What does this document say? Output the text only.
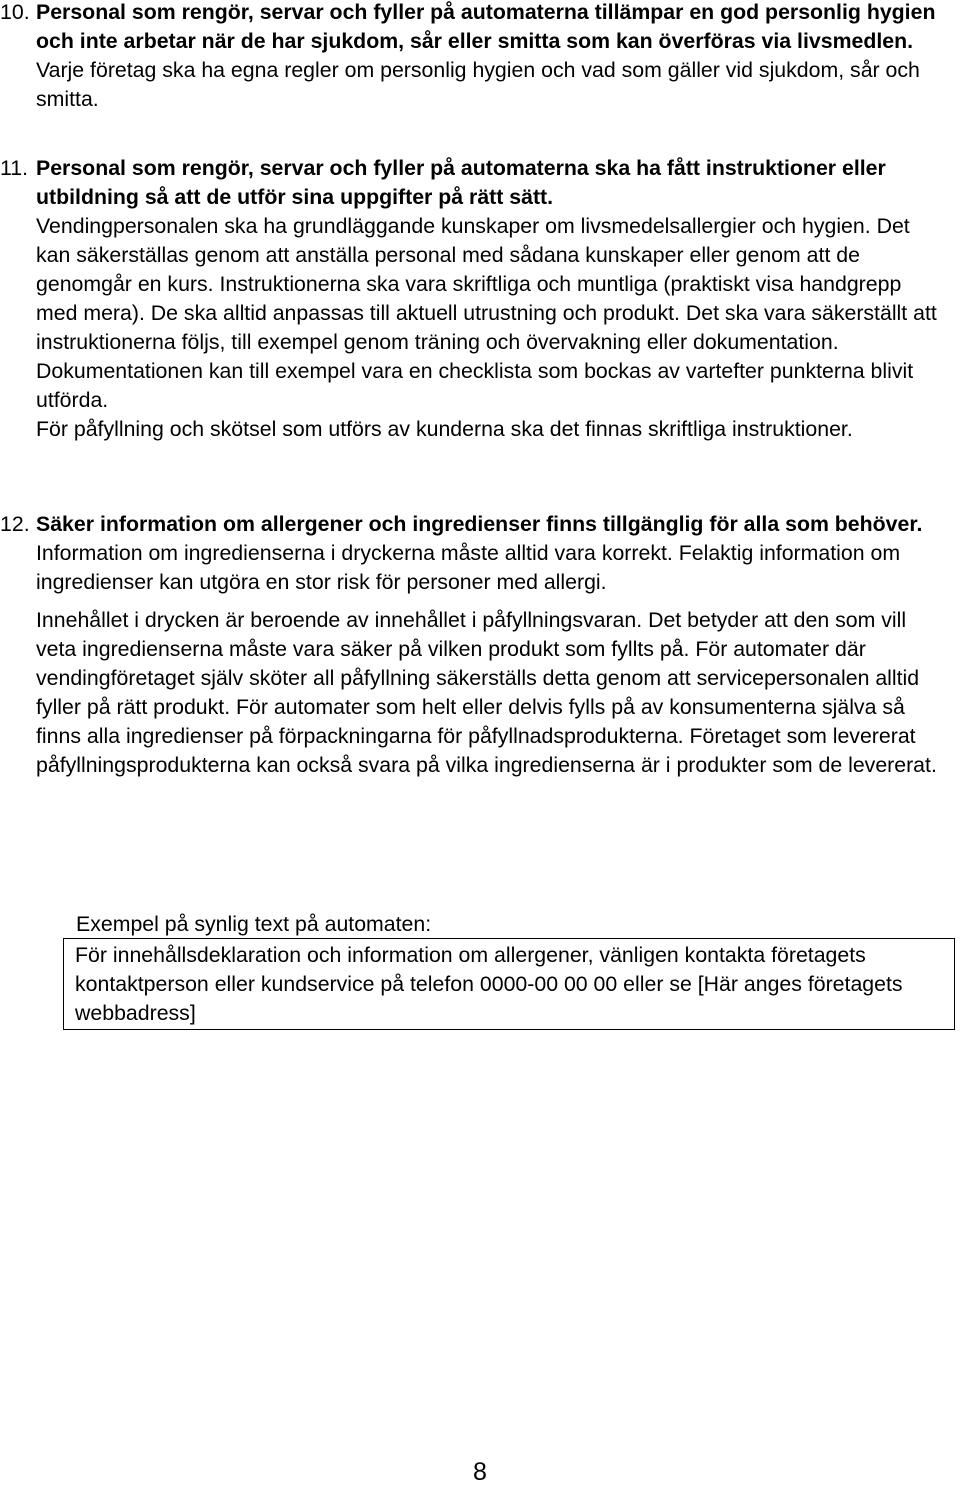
10. Personal som rengör, servar och fyller på automaterna tillämpar en god personlig hygien och inte arbetar när de har sjukdom, sår eller smitta som kan överföras via livsmedlen.

Varje företag ska ha egna regler om personlig hygien och vad som gäller vid sjukdom, sår och smitta.

11. Personal som rengör, servar och fyller på automaterna ska ha fått instruktioner eller utbildning så att de utför sina uppgifter på rätt sätt.

Vendingpersonalen ska ha grundläggande kunskaper om livsmedelsallergier och hygien. Det kan säkerställas genom att anställa personal med sådana kunskaper eller genom att de genomgår en kurs. Instruktionerna ska vara skriftliga och muntliga (praktiskt visa handgrepp med mera). De ska alltid anpassas till aktuell utrustning och produkt. Det ska vara säkerställt att instruktionerna följs, till exempel genom träning och övervakning eller dokumentation. Dokumentationen kan till exempel vara en checklista som bockas av vartefter punkterna blivit utförda.

För påfyllning och skötsel som utförs av kunderna ska det finnas skriftliga instruktioner.

12. Säker information om allergener och ingredienser finns tillgänglig för alla som behöver.

Information om ingredienserna i dryckerna måste alltid vara korrekt. Felaktig information om ingredienser kan utgöra en stor risk för personer med allergi.

Innehållet i drycken är beroende av innehållet i påfyllningsvaran. Det betyder att den som vill veta ingredienserna måste vara säker på vilken produkt som fyllts på. För automater där vendingföretaget själv sköter all påfyllning säkerställs detta genom att servicepersonalen alltid fyller på rätt produkt. För automater som helt eller delvis fylls på av konsumenterna själva så finns alla ingredienser på förpackningarna för påfyllnadsprodukterna. Företaget som levererat påfyllningsprodukterna kan också svara på vilka ingredienserna är i produkter som de levererat.

Exempel på synlig text på automaten:
För innehållsdeklaration och information om allergener, vänligen kontakta företagets kontaktperson eller kundservice på telefon 0000-00 00 00 eller se [Här anges företagets webbadress]
8
